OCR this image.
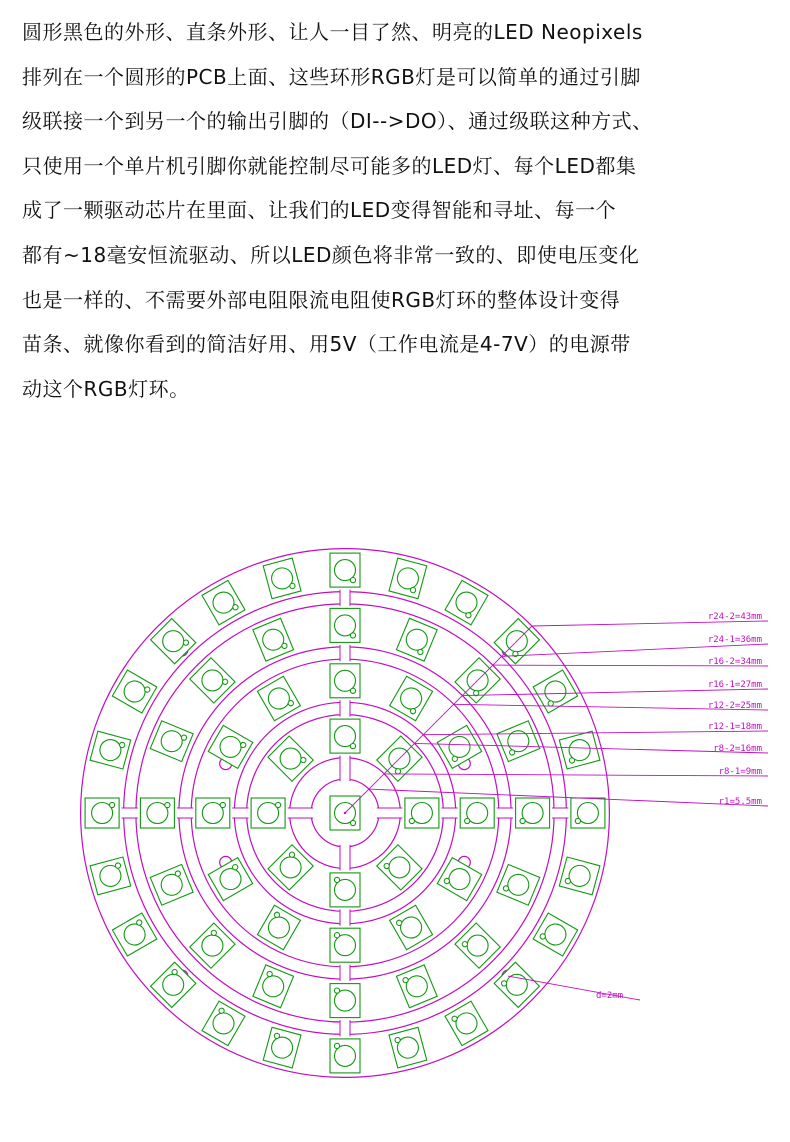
圆形黑色的外形、直条外形、让人一目了然、明亮的LED Neopixels
排列在一个圆形的PCB上面、这些环形RGB灯是可以简单的通过引脚
级联接一个到另一个的输出引脚的（DI-->DO）、通过级联这种方式、
只使用一个单片机引脚你就能控制尽可能多的LED灯、每个LED都集
成了一颗驱动芯片在里面、让我们的LED变得智能和寻址、每一个
都有~18毫安恒流驱动、所以LED颜色将非常一致的、即使电压变化
也是一样的、不需要外部电阻限流电阻使RGB灯环的整体设计变得
苗条、就像你看到的简洁好用、用5V（工作电流是4-7V）的电源带
动这个RGB灯环。
r24-2=43mm
r24-1=36mm
r16-2=34mm
r16-1=27mm
r12-2=25mm
r12-1=18mm
r8-2=16mm
r8-1=9mm
r1=5.5mm
d=2mm
